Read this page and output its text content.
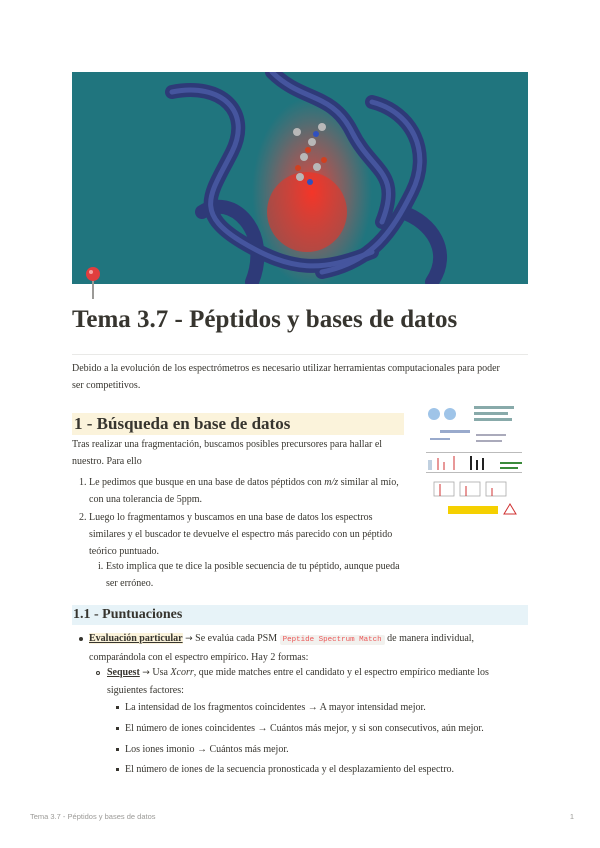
Tema 3.7 - Péptidos y bases de datos

Debido a la evolución de los espectrómetros es necesario utilizar herramientas computacionales para poder ser competitivos.

1 - Búsqueda en base de datos

Tras realizar una fragmentación, buscamos posibles precursores para hallar el nuestro. Para ello

1. Le pedimos que busque en una base de datos péptidos con m/z similar al mío, con una tolerancia de 5ppm.

2. Luego lo fragmentamos y buscamos en una base de datos los espectros similares y el buscador te devuelve el espectro más parecido con un péptido teórico puntuado.

i. Esto implica que te dice la posible secuencia de tu péptido, aunque pueda ser erróneo.

1.1 - Puntuaciones

Evaluación particular → Se evalúa cada PSM Peptide Spectrum Match de manera individual, comparándola con el espectro empírico. Hay 2 formas:

Sequest → Usa Xcorr, que mide matches entre el candidato y el espectro empírico mediante los siguientes factores:

La intensidad de los fragmentos coincidentes → A mayor intensidad mejor.

El número de iones coincidentes → Cuántos más mejor, y si son consecutivos, aún mejor.

Los iones imonio → Cuántos más mejor.

El número de iones de la secuencia pronosticada y el desplazamiento del espectro.

Tema 3.7 - Péptidos y bases de datos	1
